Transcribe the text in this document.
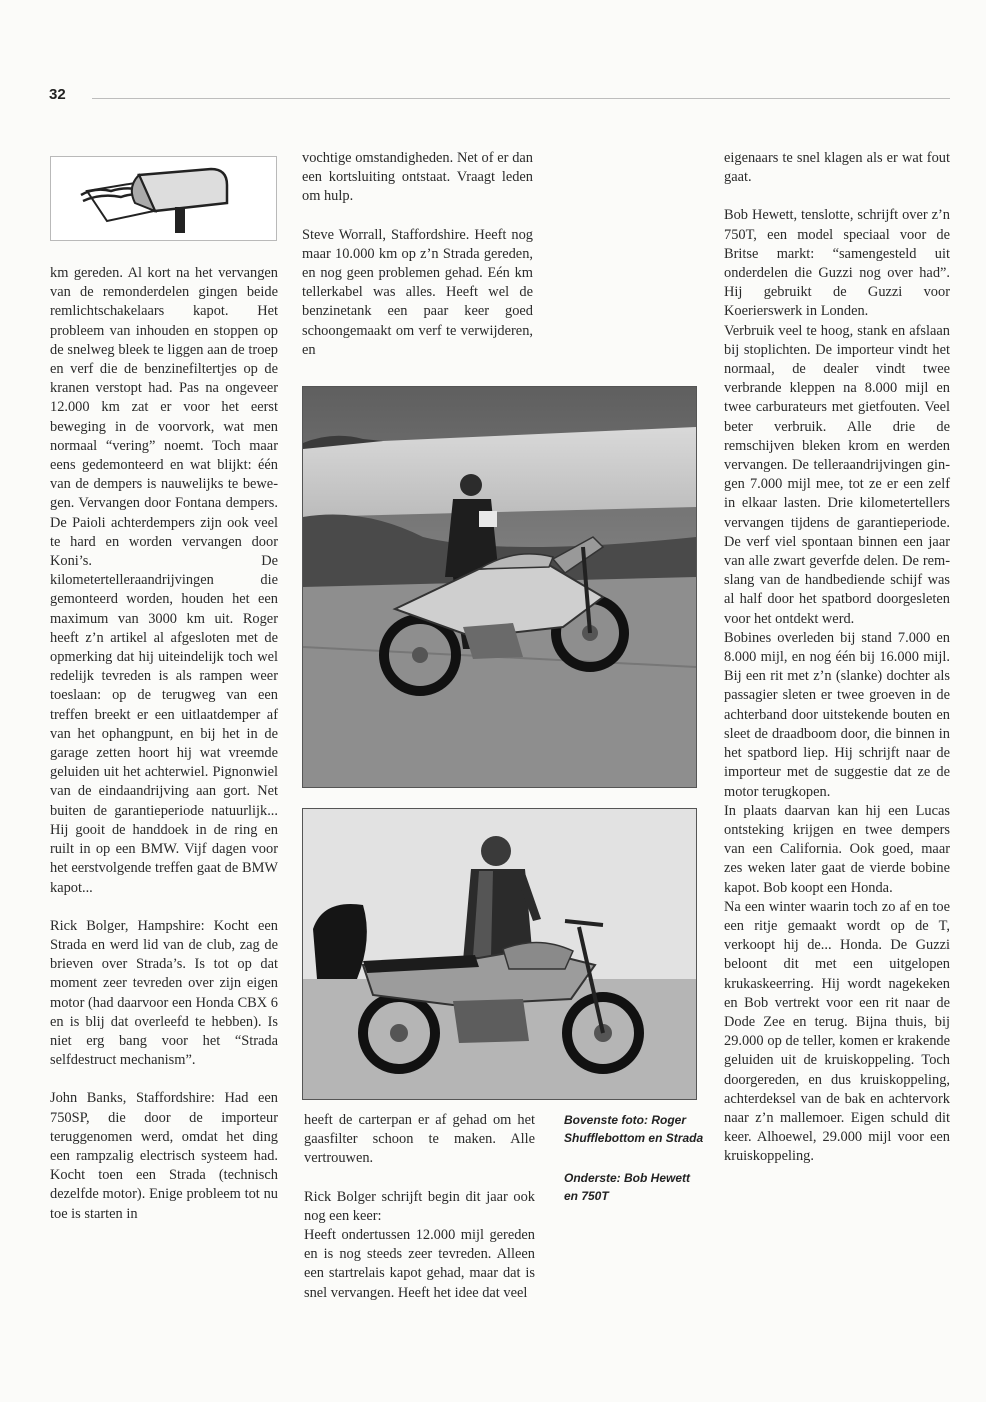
32

km gereden. Al kort na het vervangen van de remonderdelen gingen beide remlichtschakelaars kapot. Het probleem van inhouden en stoppen op de snelweg bleek te liggen aan de troep en verf die de benzinefiltertjes op de kranen verstopt had. Pas na ongeveer 12.000 km zat er voor het eerst beweging in de voorvork, wat men normaal “vering” noemt. Toch maar eens gedemonteerd en wat blijkt: één van de dempers is nauwelijks te bewegen. Vervangen door Fontana dempers. De Paioli achterdempers zijn ook veel te hard en worden vervangen door Koni’s. De kilometertelleraandrijvingen die gemonteerd worden, houden het een maximum van 3000 km uit. Roger heeft z’n artikel al afgesloten met de opmerking dat hij uiteindelijk toch wel redelijk tevreden is als rampen weer toeslaan: op de terugweg van een treffen breekt er een uitlaatdemper af van het ophangpunt, en bij het in de garage zetten hoort hij wat vreemde geluiden uit het achterwiel. Pignonwiel van de eindaandrijving aan gort. Net buiten de garantieperiode natuurlijk... Hij gooit de handdoek in de ring en ruilt in op een BMW. Vijf dagen voor het eerstvolgende treffen gaat de BMW kapot...

Rick Bolger, Hampshire: Kocht een Strada en werd lid van de club, zag de brieven over Strada’s. Is tot op dat moment zeer tevreden over zijn eigen motor (had daarvoor een Honda CBX 6 en is blij dat overleefd te hebben). Is niet erg bang voor het “Strada selfdestruct mechanism”.

John Banks, Staffordshire: Had een 750SP, die door de importeur teruggenomen werd, omdat het ding een rampzalig electrisch systeem had. Kocht toen een Strada (technisch dezelfde motor). Enige probleem tot nu toe is starten in

vochtige omstandigheden. Net of er dan een kortsluiting ontstaat. Vraagt leden om hulp.

Steve Worrall, Staffordshire. Heeft nog maar 10.000 km op z’n Strada gereden, en nog geen problemen gehad. Eén km tellerkabel was alles. Heeft wel de benzinetank een paar keer goed schoongemaakt om verf te verwijderen, en

heeft de carterpan er af gehad om het gaasfilter schoon te maken. Alle vertrouwen.

Rick Bolger schrijft begin dit jaar ook nog een keer:

Heeft ondertussen 12.000 mijl gereden en is nog steeds zeer tevreden. Alleen een startrelais kapot gehad, maar dat is snel vervangen. Heeft het idee dat veel

Bovenste foto: Roger Shufflebottom en Strada
Onderste: Bob Hewett en 750T

eigenaars te snel klagen als er wat fout gaat.

Bob Hewett, tenslotte, schrijft over z’n 750T, een model speciaal voor de Britse markt: “samengesteld uit onderdelen die Guzzi nog over had”. Hij gebruikt de Guzzi voor Koerierswerk in Londen.

Verbruik veel te hoog, stank en afslaan bij stoplichten. De importeur vindt het normaal, de dealer vindt twee verbrande kleppen na 8.000 mijl en twee carburateurs met gietfouten. Veel beter verbruik. Alle drie de remschijven bleken krom en werden vervangen. De telleraandrijvingen gingen 7.000 mijl mee, tot ze er een zelf in elkaar lasten. Drie kilometertellers vervangen tijdens de garantieperiode. De verf viel spontaan binnen een jaar van alle zwart geverfde delen. De remslang van de handbediende schijf was al half door het spatbord doorgesleten voor het ontdekt werd.

Bobines overleden bij stand 7.000 en 8.000 mijl, en nog één bij 16.000 mijl. Bij een rit met z’n (slanke) dochter als passagier sleten er twee groeven in de achterband door uitstekende bouten en sleet de draadboom door, die binnen in het spatbord liep. Hij schrijft naar de importeur met de suggestie dat ze de motor terugkopen.

In plaats daarvan kan hij een Lucas ontsteking krijgen en twee dempers van een California. Ook goed, maar zes weken later gaat de vierde bobine kapot. Bob koopt een Honda.

Na een winter waarin toch zo af en toe een ritje gemaakt wordt op de T, verkoopt hij de... Honda. De Guzzi beloont dit met een uitgelopen krukaskeerring. Hij wordt nagekeken en Bob vertrekt voor een rit naar de Dode Zee en terug. Bijna thuis, bij 29.000 op de teller, komen er krakende geluiden uit de kruiskoppeling. Toch doorgereden, en dus kruiskoppeling, achterdeksel van de bak en achtervork naar z’n mallemoer. Eigen schuld dit keer. Alhoewel, 29.000 mijl voor een kruiskoppeling.
